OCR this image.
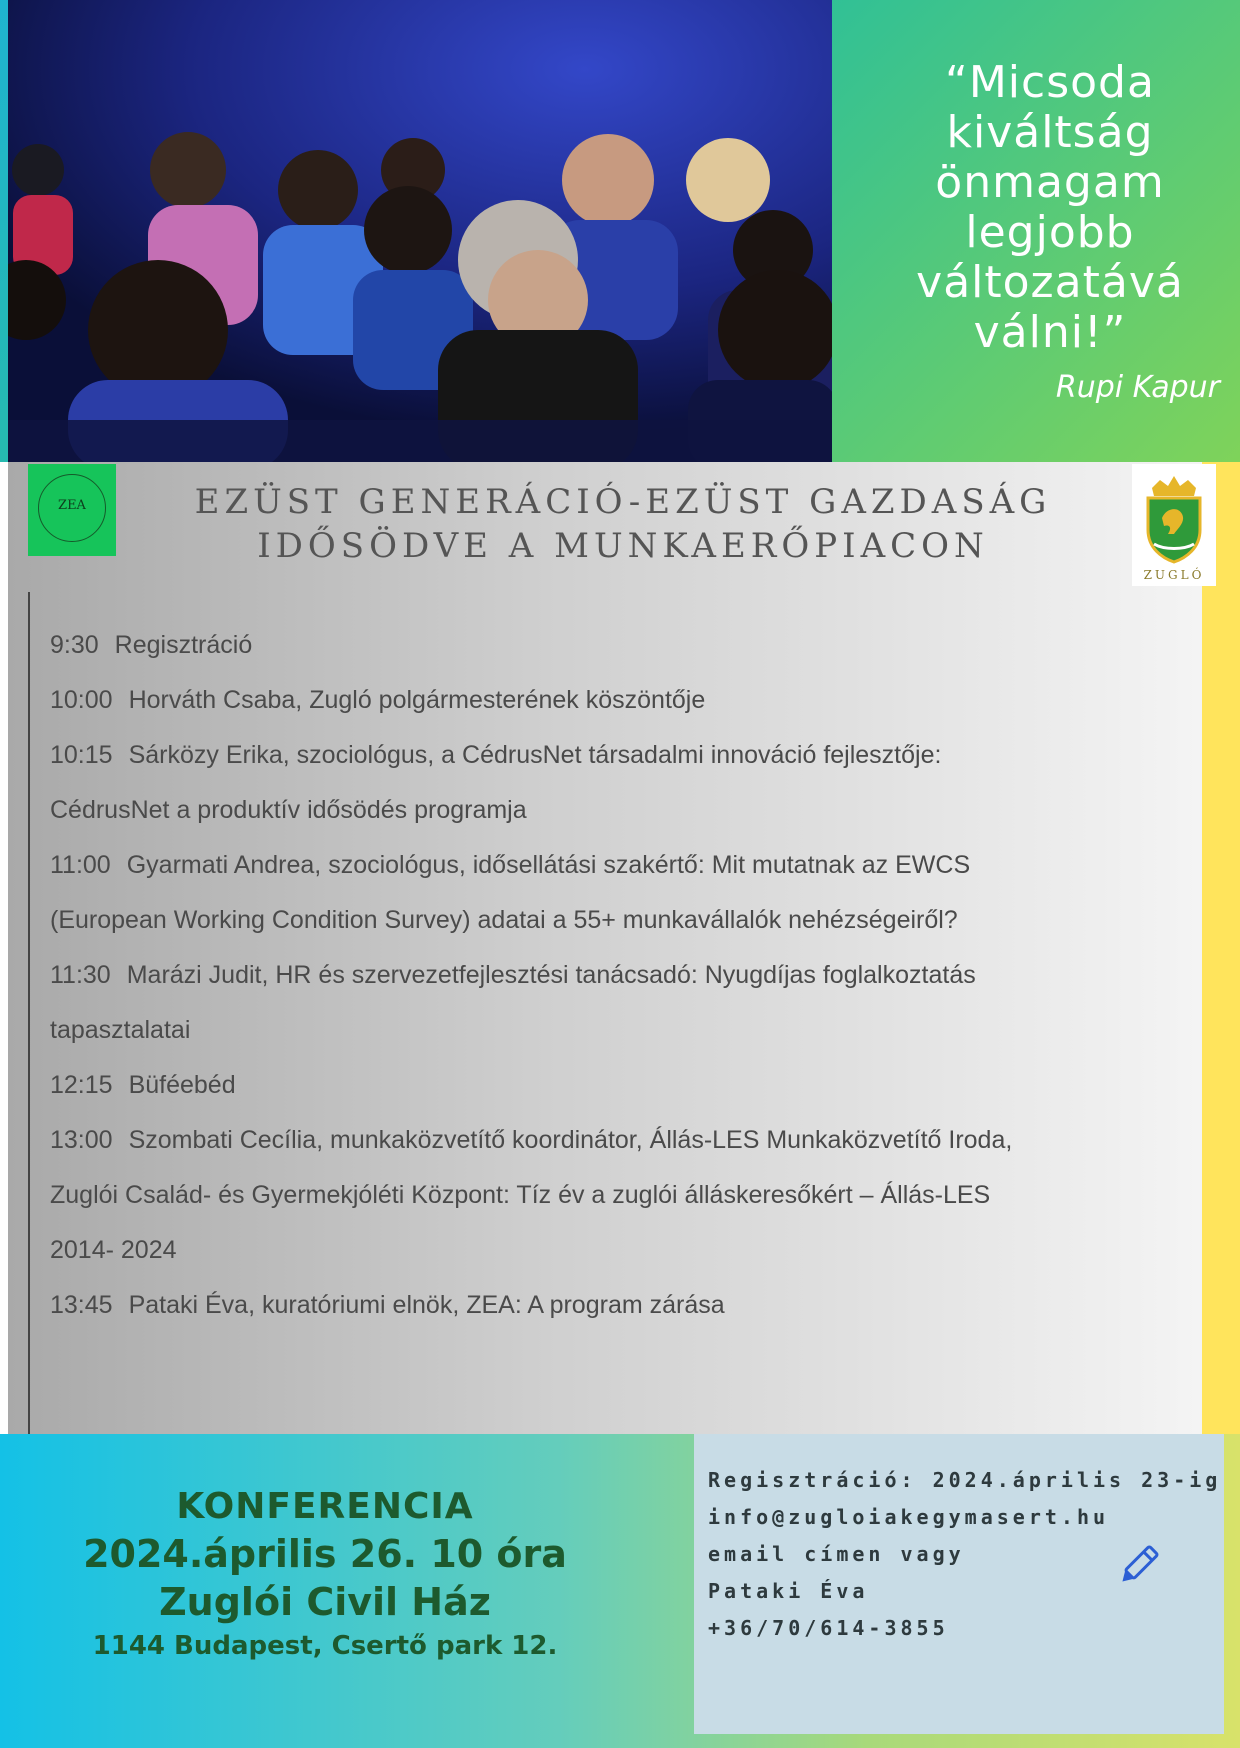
“Micsoda kiváltság önmagam legjobb változatává válni!”
Rupi Kapur
ZEA	EZÜST GENERÁCIÓ-EZÜST GAZDASÁG
IDŐSÖDVE A MUNKAERŐPIACON
ZUGLÓ
9:30 Regisztráció
10:00 Horváth Csaba, Zugló polgármesterének köszöntője
10:15 Sárközy Erika, szociológus, a CédrusNet társadalmi innováció fejlesztője:
CédrusNet a produktív idősödés programja
11:00 Gyarmati Andrea, szociológus, idősellátási szakértő: Mit mutatnak az EWCS
(European Working Condition Survey) adatai a 55+ munkavállalók nehézségeiről?
11:30 Marázi Judit, HR és szervezetfejlesztési tanácsadó: Nyugdíjas foglalkoztatás
tapasztalatai
12:15 Büféebéd
13:00 Szombati Cecília, munkaközvetítő koordinátor, Állás-LES Munkaközvetítő Iroda,
Zuglói Család- és Gyermekjóléti Központ: Tíz év a zuglói álláskeresőkért – Állás-LES
2014- 2024
13:45 Pataki Éva, kuratóriumi elnök, ZEA: A program zárása
KONFERENCIA
2024.április 26. 10 óra
Zuglói Civil Ház
1144 Budapest, Csertő park 12.
Regisztráció: 2024.április 23-ig
info@zugloiakegymasert.hu
email címen vagy
Pataki Éva
+36/70/614-3855
